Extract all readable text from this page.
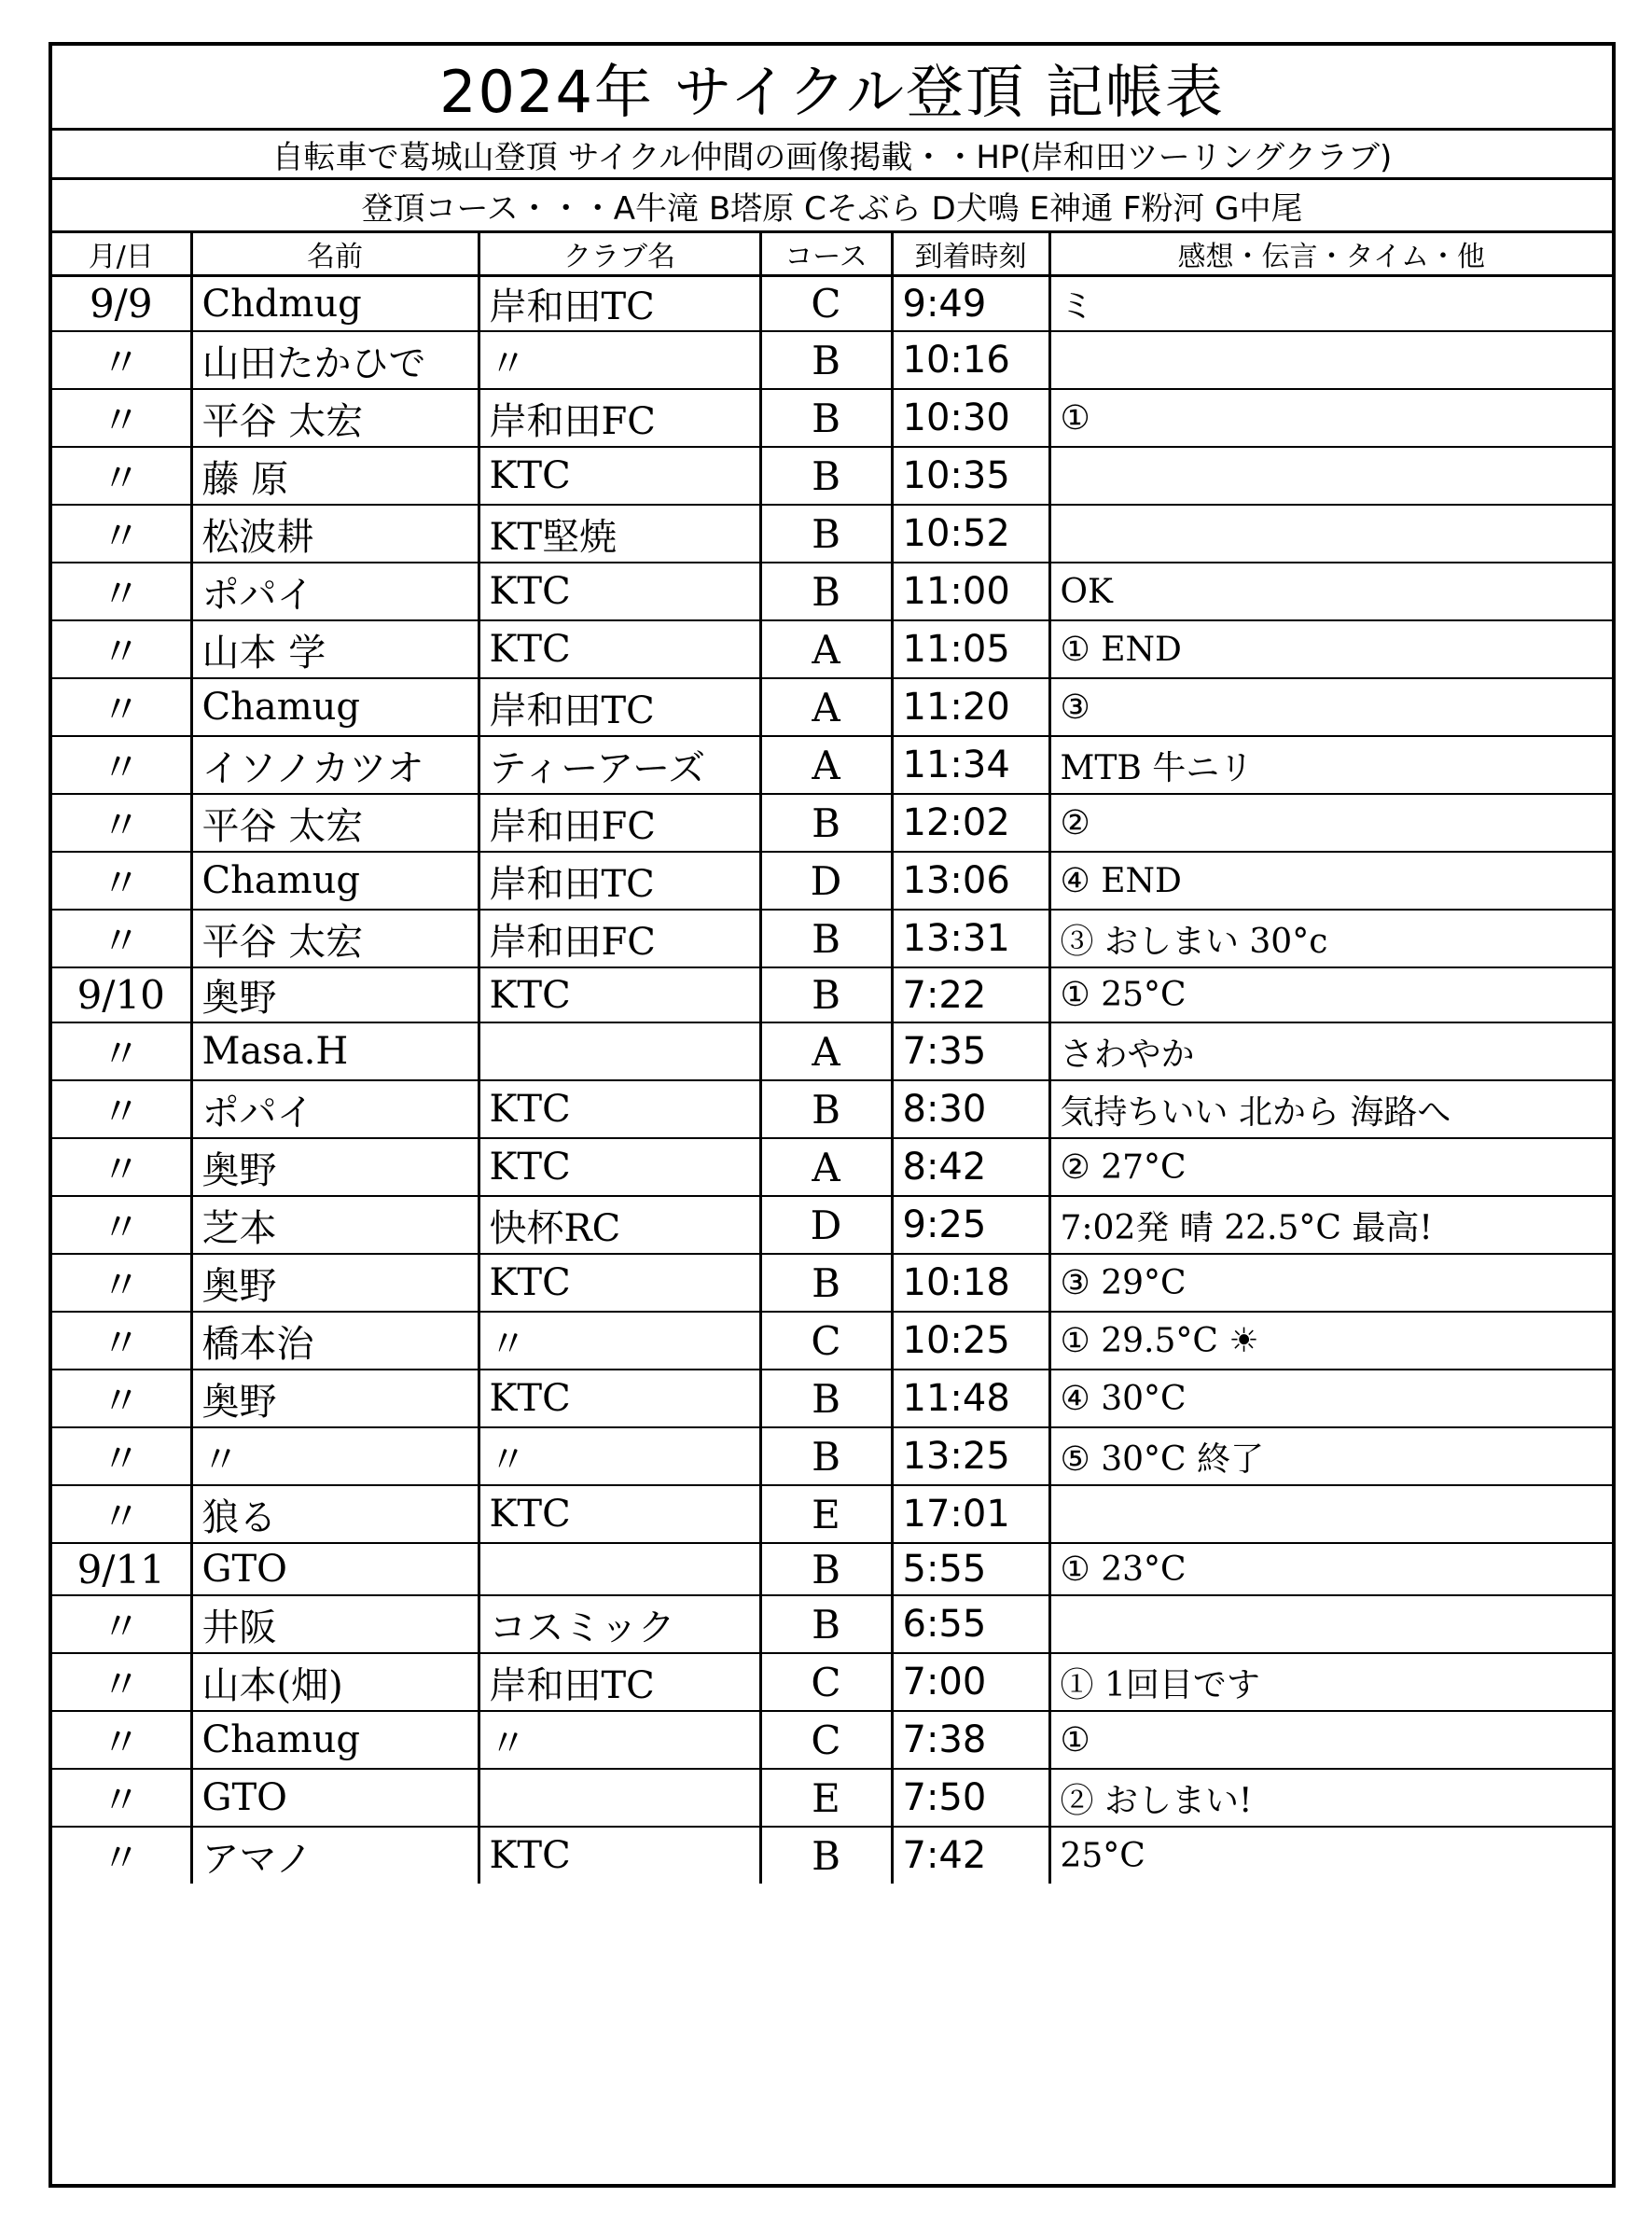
2024年 サイクル登頂 記帳表
自転車で葛城山登頂 サイクル仲間の画像掲載・・HP(岸和田ツーリングクラブ)
登頂コース・・・A牛滝 B塔原 Cそぶら D犬鳴 E神通 F粉河 G中尾
月/日	名前	クラブ名	コース	到着時刻	感想・伝言・タイム・他
9/9	Chdmug	岸和田TC	C	9:49	ミ
〃	山田たかひで	〃	B	10:16	
〃	平谷 太宏	岸和田FC	B	10:30	①
〃	藤 原	KTC	B	10:35	
〃	松波耕	KT堅焼	B	10:52	
〃	ポパイ	KTC	B	11:00	OK
〃	山本 学	KTC	A	11:05	① END
〃	Chamug	岸和田TC	A	11:20	③
〃	イソノカツオ	ティーアーズ	A	11:34	MTB 牛ニリ
〃	平谷 太宏	岸和田FC	B	12:02	②
〃	Chamug	岸和田TC	D	13:06	④ END
〃	平谷 太宏	岸和田FC	B	13:31	③ おしまい 30°c
9/10	奥野	KTC	B	7:22	① 25°C
〃	Masa.H		A	7:35	さわやか
〃	ポパイ	KTC	B	8:30	気持ちいい 北から 海路へ
〃	奥野	KTC	A	8:42	② 27°C
〃	芝本	快杯RC	D	9:25	7:02発 晴 22.5°C 最高!
〃	奥野	KTC	B	10:18	③ 29°C
〃	橋本治	〃	C	10:25	① 29.5°C ☀
〃	奥野	KTC	B	11:48	④ 30°C
〃	〃	〃	B	13:25	⑤ 30°C 終了
〃	狼る	KTC	E	17:01	
9/11	GTO		B	5:55	① 23°C
〃	井阪	コスミック	B	6:55	
〃	山本(畑)	岸和田TC	C	7:00	① 1回目です
〃	Chamug	〃	C	7:38	①
〃	GTO		E	7:50	② おしまい!
〃	アマノ	KTC	B	7:42	25°C
